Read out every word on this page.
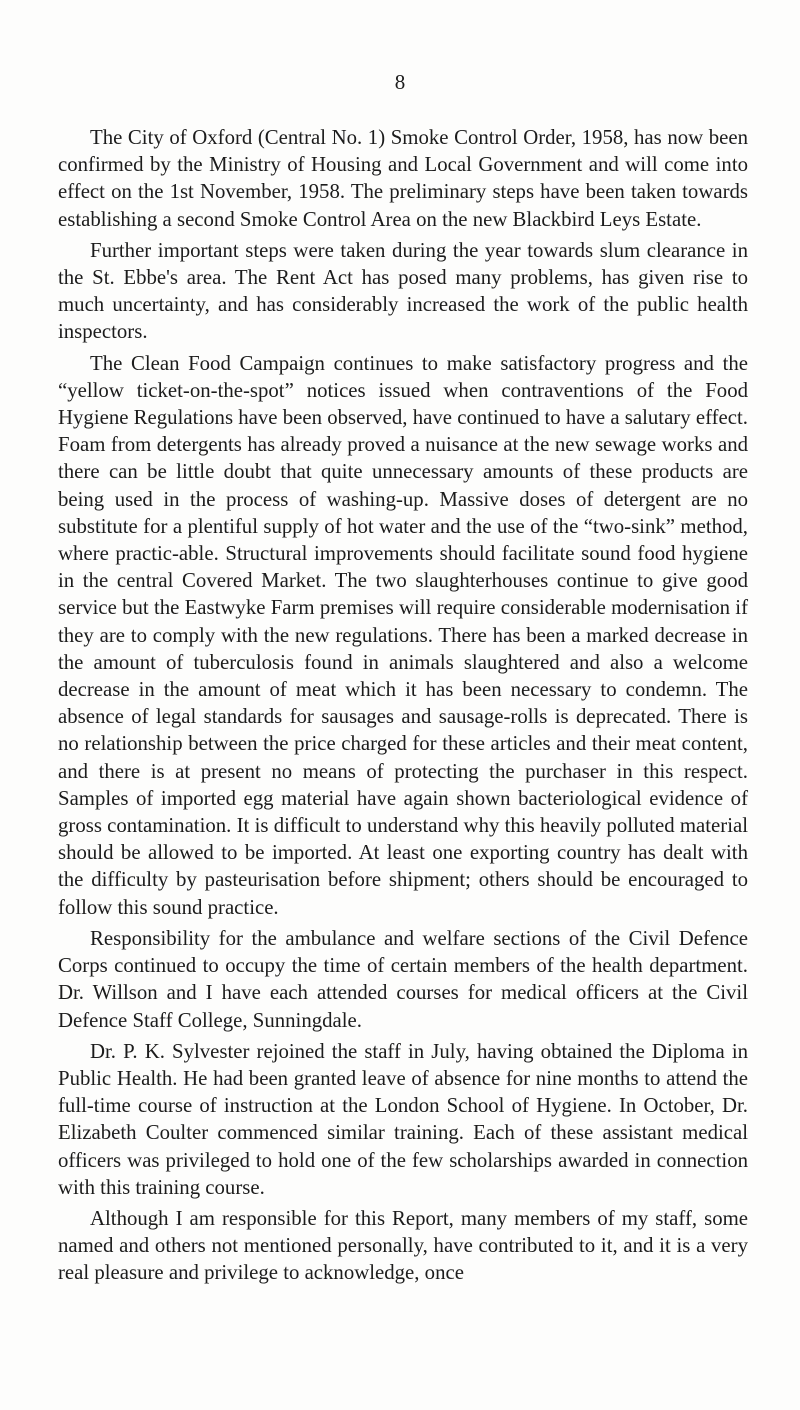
8

The City of Oxford (Central No. 1) Smoke Control Order, 1958, has now been confirmed by the Ministry of Housing and Local Government and will come into effect on the 1st November, 1958. The preliminary steps have been taken towards establishing a second Smoke Control Area on the new Blackbird Leys Estate.

Further important steps were taken during the year towards slum clearance in the St. Ebbe's area. The Rent Act has posed many problems, has given rise to much uncertainty, and has considerably increased the work of the public health inspectors.

The Clean Food Campaign continues to make satisfactory progress and the “yellow ticket-on-the-spot” notices issued when contraventions of the Food Hygiene Regulations have been observed, have continued to have a salutary effect. Foam from detergents has already proved a nuisance at the new sewage works and there can be little doubt that quite unnecessary amounts of these products are being used in the process of washing-up. Massive doses of detergent are no substitute for a plentiful supply of hot water and the use of the “two-sink” method, where practic-able. Structural improvements should facilitate sound food hygiene in the central Covered Market. The two slaughterhouses continue to give good service but the Eastwyke Farm premises will require considerable modernisation if they are to comply with the new regulations. There has been a marked decrease in the amount of tuberculosis found in animals slaughtered and also a welcome decrease in the amount of meat which it has been necessary to condemn. The absence of legal standards for sausages and sausage-rolls is deprecated. There is no relationship between the price charged for these articles and their meat content, and there is at present no means of protecting the purchaser in this respect. Samples of imported egg material have again shown bacteriological evidence of gross contamination. It is difficult to understand why this heavily polluted material should be allowed to be imported. At least one exporting country has dealt with the difficulty by pasteurisation before shipment; others should be encouraged to follow this sound practice.

Responsibility for the ambulance and welfare sections of the Civil Defence Corps continued to occupy the time of certain members of the health department. Dr. Willson and I have each attended courses for medical officers at the Civil Defence Staff College, Sunningdale.

Dr. P. K. Sylvester rejoined the staff in July, having obtained the Diploma in Public Health. He had been granted leave of absence for nine months to attend the full-time course of instruction at the London School of Hygiene. In October, Dr. Elizabeth Coulter commenced similar training. Each of these assistant medical officers was privileged to hold one of the few scholarships awarded in connection with this training course.

Although I am responsible for this Report, many members of my staff, some named and others not mentioned personally, have contributed to it, and it is a very real pleasure and privilege to acknowledge, once
